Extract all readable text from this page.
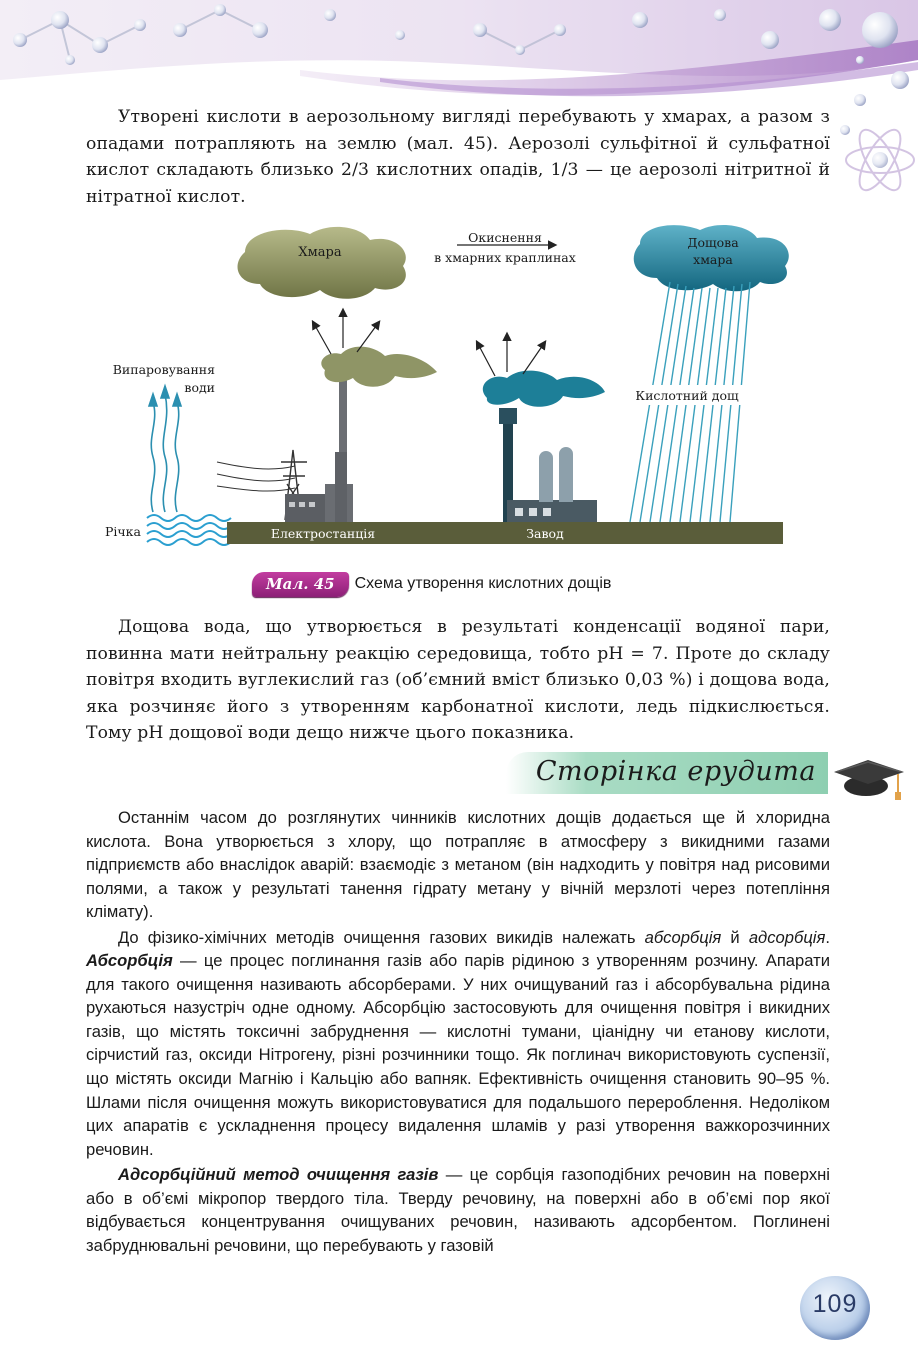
Утворені кислоти в аерозольному вигляді перебувають у хмарах, а разом з опадами потрапляють на землю (мал. 45). Аерозолі сульфітної й сульфатної кислот складають близько 2/3 кислотних опадів, 1/3 — це аерозолі нітритної й нітратної кислот.

Хмара
Окиснення
в хмарних краплинах
Дощова
хмара
Кислотний дощ
Випаровування
води
Річка	Електростанція	Завод
Мал. 45	Схема утворення кислотних дощів

Дощова вода, що утворюється в результаті конденсації водяної пари, повинна мати нейтральну реакцію середовища, тобто pH = 7. Проте до складу повітря входить вуглекислий газ (об’ємний вміст близько 0,03 %) і дощова вода, яка розчиняє його з утворенням карбонатної кислоти, ледь підкислюється. Тому pH дощової води дещо нижче цього показника.

Сторінка ерудита

Останнім часом до розглянутих чинників кислотних дощів додається ще й хлоридна кислота. Вона утворюється з хлору, що потрапляє в атмосферу з викидними газами підприємств або внаслідок аварій: взаємодіє з метаном (він надходить у повітря над рисовими полями, а також у результаті танення гідрату метану у вічній мерзлоті через потепління клімату).

До фізико-хімічних методів очищення газових викидів належать абсорбція й адсорбція. Абсорбція — це процес поглинання газів або парів рідиною з утворенням розчину. Апарати для такого очищення називають абсорберами. У них очищуваний газ і абсорбувальна рідина рухаються назустріч одне одному. Абсорбцію застосовують для очищення повітря і викидних газів, що містять токсичні забруднення — кислотні тумани, ціанідну чи етанову кислоти, сірчистий газ, оксиди Нітрогену, різні розчинники тощо. Як поглинач використовують суспензії, що містять оксиди Магнію і Кальцію або вапняк. Ефективність очищення становить 90–95 %. Шлами після очищення можуть використовуватися для подальшого перероблення. Недоліком цих апаратів є ускладнення процесу видалення шламів у разі утворення важкорозчинних речовин.

Адсорбційний метод очищення газів — це сорбція газоподібних речовин на поверхні або в об’ємі мікропор твердого тіла. Тверду речовину, на поверхні або в об’ємі пор якої відбувається концентрування очищуваних речовин, називають адсорбентом. Поглинені забруднювальні речовини, що перебувають у газовій

109
